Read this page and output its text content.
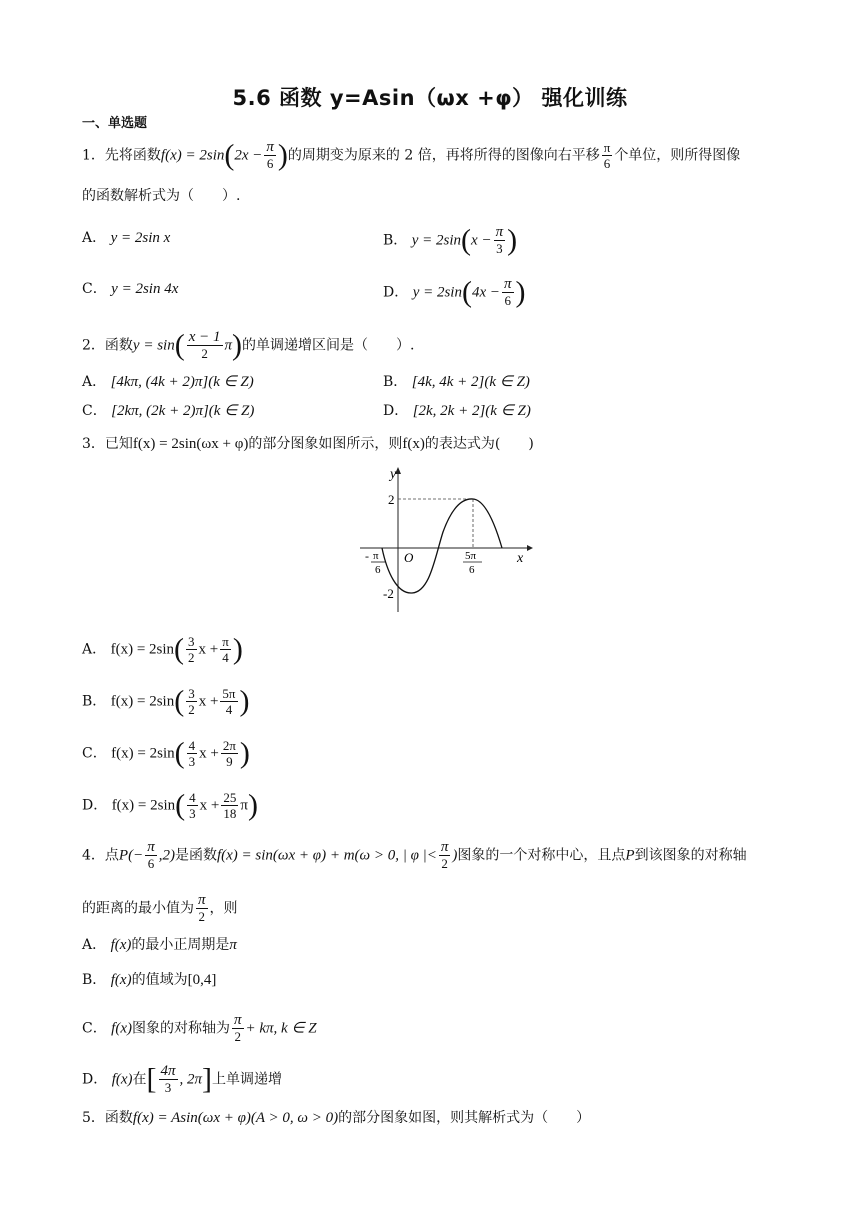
5.6 函数 y=Asin（ωx +φ） 强化训练
一、单选题
1．先将函数$f(x) = 2\sin(2x - \frac{\pi}{6}$ )的周期变为原来的 2 倍，再将所得的图像向右平移 $\frac{\pi}{6}$ 个单位，则所得图像
的函数解析式为（　　）.
A． y = 2sin x	B． $y = 2\sin(x - \frac{\pi}{3}$ )
C． y = 2sin 4x	D． $y = 2\sin(4x - \frac{\pi}{6}$ )
2．函数$y = \sin( \frac{x - 1}{2} \pi)$的单调递增区间是（　　）.
A． [4kπ, (4k + 2)π](k ∈ Z)	B． [4k, 4k + 2](k ∈ Z)
C． [2kπ, (2k + 2)π](k ∈ Z)	D． [2k, 2k + 2](k ∈ Z)
3．已知f(x) = 2sin(ωx + φ)的部分图象如图所示，则f(x)的表达式为(　　)
y
x
O
2
-2
- π
6
5π
6
A． $f(x) = 2\sin( \frac{3}{2}$ $x + \frac{\pi}{4}$ )
B． $f(x) = 2\sin( \frac{3}{2}$ $x + \frac{5\pi}{4}$ )
C． $f(x) = 2\sin( \frac{4}{3}$ $x + \frac{2\pi}{9}$ )
D． $f(x) = 2\sin( \frac{4}{3}$ $x + \frac{25}{18} \pi$)
4．点$P(- \frac{\pi}{6} ,2)$是函数f(x) = sin(ωx + φ) + m(ω > 0, | φ |< $\frac{\pi}{2}$ )图象的一个对称中心，且点P到该图象的对称轴
的距离的最小值为 $\frac{\pi}{2}$ ，则
A． f(x)的最小正周期是π
B． f(x)的值域为[0,4]
C． f(x)图象的对称轴为 $\frac{\pi}{2} + k\pi$, k ∈ Z
D． f(x)在[ $\frac{4\pi}{3}$ , 2π]上单调递增
5．函数f(x) = Asin(ωx + φ)(A > 0, ω > 0)的部分图象如图，则其解析式为（　　）
